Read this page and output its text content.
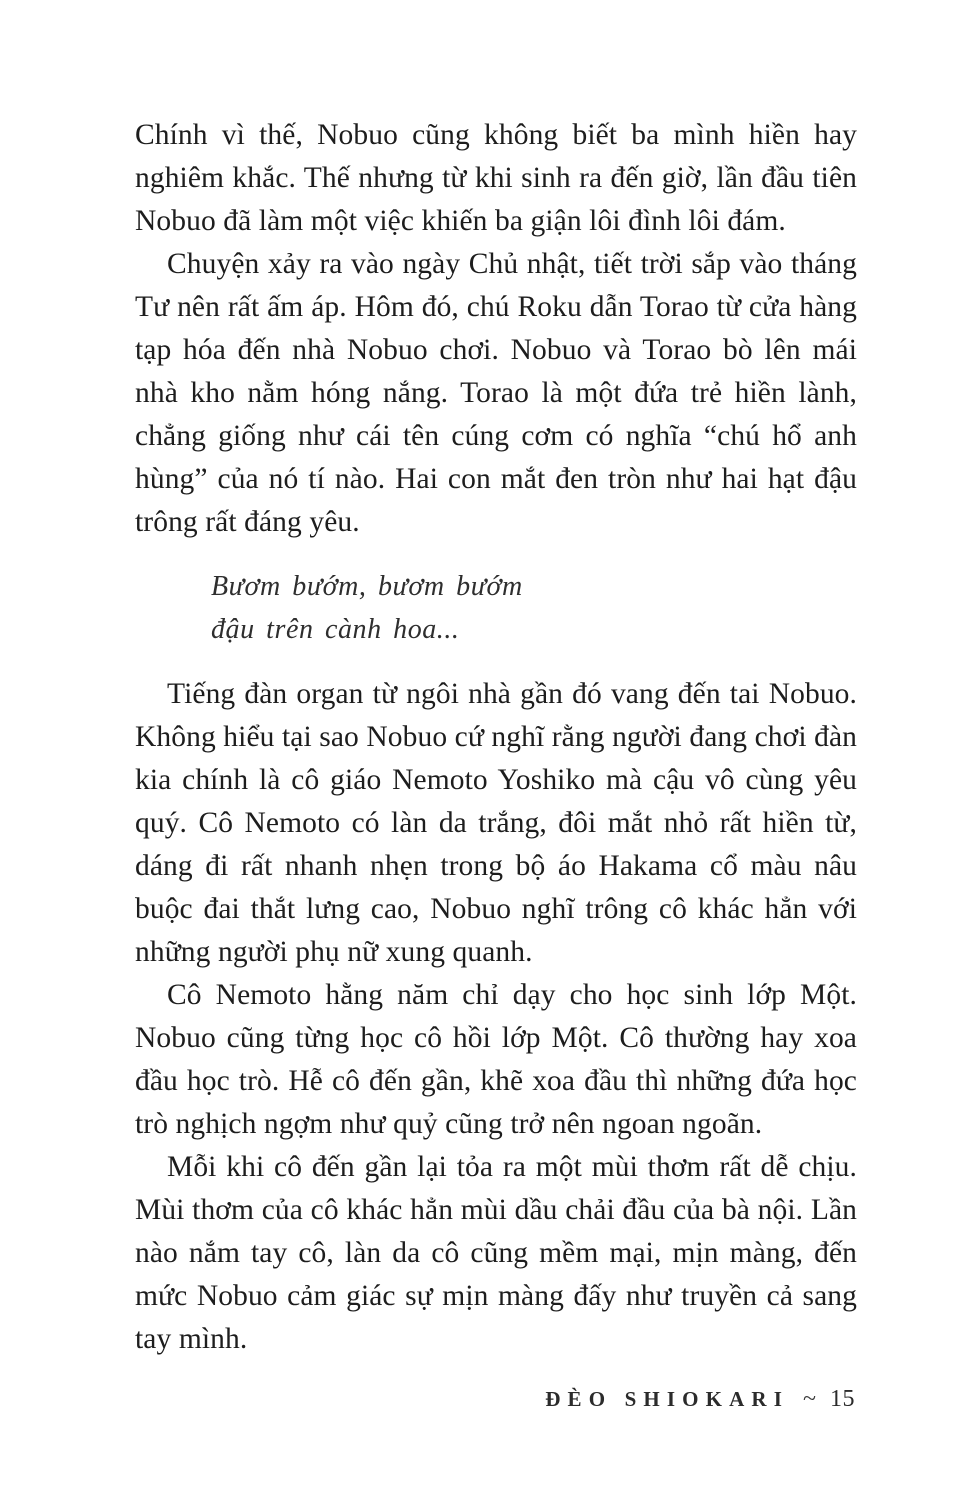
Chính vì thế, Nobuo cũng không biết ba mình hiền hay nghiêm khắc. Thế nhưng từ khi sinh ra đến giờ, lần đầu tiên Nobuo đã làm một việc khiến ba giận lôi đình lôi đám.

Chuyện xảy ra vào ngày Chủ nhật, tiết trời sắp vào tháng Tư nên rất ấm áp. Hôm đó, chú Roku dẫn Torao từ cửa hàng tạp hóa đến nhà Nobuo chơi. Nobuo và Torao bò lên mái nhà kho nằm hóng nắng. Torao là một đứa trẻ hiền lành, chẳng giống như cái tên cúng cơm có nghĩa “chú hổ anh hùng” của nó tí nào. Hai con mắt đen tròn như hai hạt đậu trông rất đáng yêu.

Bươm bướm, bươm bướm
đậu trên cành hoa...

Tiếng đàn organ từ ngôi nhà gần đó vang đến tai Nobuo. Không hiểu tại sao Nobuo cứ nghĩ rằng người đang chơi đàn kia chính là cô giáo Nemoto Yoshiko mà cậu vô cùng yêu quý. Cô Nemoto có làn da trắng, đôi mắt nhỏ rất hiền từ, dáng đi rất nhanh nhẹn trong bộ áo Hakama cổ màu nâu buộc đai thắt lưng cao, Nobuo nghĩ trông cô khác hẳn với những người phụ nữ xung quanh.

Cô Nemoto hằng năm chỉ dạy cho học sinh lớp Một. Nobuo cũng từng học cô hồi lớp Một. Cô thường hay xoa đầu học trò. Hễ cô đến gần, khẽ xoa đầu thì những đứa học trò nghịch ngợm như quỷ cũng trở nên ngoan ngoãn.

Mỗi khi cô đến gần lại tỏa ra một mùi thơm rất dễ chịu. Mùi thơm của cô khác hẳn mùi dầu chải đầu của bà nội. Lần nào nắm tay cô, làn da cô cũng mềm mại, mịn màng, đến mức Nobuo cảm giác sự mịn màng đấy như truyền cả sang tay mình.

ĐÈO SHIOKARI ~ 15
